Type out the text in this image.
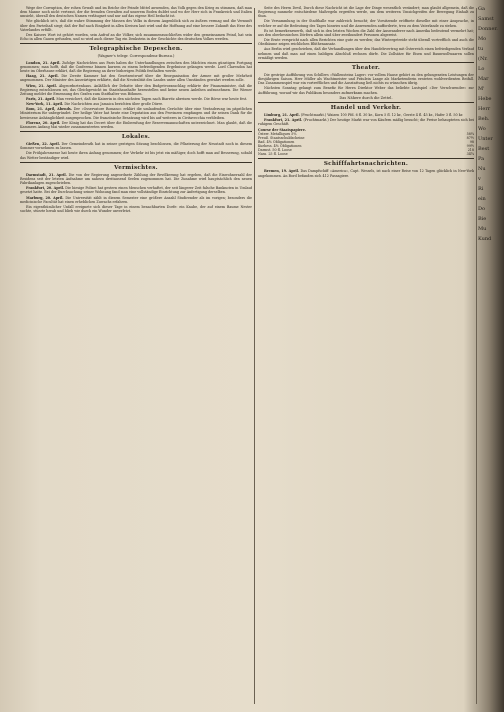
Wege der Corruption, der rohen Gewalt und im Reiche der Feinde Mittel anwenden, das Volk gegen den Krieg zu stimmen, daß man dem Manne noch nicht vertraut, der die fremden Gewalten auf unserem Boden duldet und wo der Herr sich in Frankreich und Italien umsieht, überall den deutschen Namen verläugnet und nur auf das eigene Heil bedacht ist.

Wie glücklich ist's, daß die wahre Stimmung der Massen des Volks in diesem Augenblick sich zu äußern vermag und die Vernunft über den Parteihaß siegt; daß der Ruf nach Einigkeit in allen Kreisen laut wird und die Hoffnung auf eine bessere Zukunft das Herz des Vaterlandes erfüllt.

Des Kaisers Wort ist gehört worden, sein Aufruf an die Völker, sich zusammenzuschließen wider den gemeinsamen Feind, hat sein Echo in allen Gauen gefunden, und so wird auch dieser Tag ein Denkstein in der Geschichte des deutschen Volkes werden.

Telegraphische Depeschen.
(Wagner's telegr. Correspondenz-Bureau.)

London, 21. April. Zufolge Nachrichten aus Paris haben die Unterhandlungen zwischen den Mächten einen günstigen Fortgang genommen; man hofft, daß die Conferenz binnen kurzem zu einem befriedigenden Ergebnisse gelangen werde. Lord Clarendon hat heute im Oberhause erklärt, daß die Regierung an ihrer bisherigen Politik festhalten werde.

Haag, 21. April. Die Zweite Kammer hat den Gesetzentwurf über die Reorganisation der Armee mit großer Mehrheit angenommen. Der Minister des Auswärtigen erklärte, daß die Neutralität des Landes unter allen Umständen gewahrt werden solle.

Wien, 21. April. Abgeordnetenhaus. Anläßlich der Debatte über den Budgetvoranschlag erklärte der Finanzminister, daß die Regierung entschlossen sei, das Gleichgewicht im Staatshaushalte herzustellen und keine neuen Anleihen aufzunehmen. Die Wiener Zeitung meldet die Ernennung des Grafen zum Statthalter von Böhmen.

Paris, 21. April. Man versichert, daß die Kaiserin in den nächsten Tagen nach Biarritz abreisen werde. Die Börse war heute fest.

New-York, 11. April. Die Nachrichten aus Jamaica berichten über große Dürre.

Rom, 21. April, Abends. Der »Osservatore Romano« erklärt die umlaufenden Gerüchte über eine Veränderung im päpstlichen Ministerium für unbegründet. Der heilige Vater hat heute eine Deputation aus den Provinzen empfangen und ihr seinen Dank für die bewiesene Anhänglichkeit ausgesprochen. Die französische Besatzung wird bis auf weiteres in Civitavecchia verbleiben.

Florenz, 20. April. Der König hat das Decret über die Einberufung der Reservemannschaften unterzeichnet. Man glaubt, daß die Kammern Anfang Mai wieder zusammentreten werden.

Lokales.

Gießen, 22. April. Der Gemeinderath hat in seiner gestrigen Sitzung beschlossen, die Pflasterung der Neustadt noch in diesem Sommer vornehmen zu lassen.

Die Frühjahrsmesse hat heute ihren Anfang genommen; der Verkehr ist bis jetzt ein mäßiger, doch hofft man auf Besserung, sobald das Wetter beständiger wird.

Vermischtes.

Darmstadt, 21. April. Die von der Regierung angeordnete Zählung der Bevölkerung hat ergeben, daß die Einwohnerzahl der Residenz seit der letzten Aufnahme um nahezu dreitausend Seelen zugenommen hat. Die Zunahme wird hauptsächlich den neuen Fabrikanlagen zugeschrieben.

Frankfurt, 20. April. Die hiesige Polizei hat gestern einen Menschen verhaftet, der seit längerer Zeit falsche Banknoten in Umlauf gesetzt hatte. Bei der Durchsuchung seiner Wohnung fand man eine vollständige Einrichtung zur Anfertigung derselben.

Marburg, 20. April. Die Universität zählt in diesem Semester eine größere Anzahl Studirender als im vorigen; besonders die medicinische Facultät hat einen erheblichen Zuwachs erfahren.

Ein eigenthümlicher Unfall ereignete sich dieser Tage in einem benachbarten Dorfe: ein Knabe, der auf einem Baume Nester suchte, stürzte herab und blieb wie durch ein Wunder unverletzt.

Seite des Herrn Devil, Durch diese Nachricht ist die Lage der Dinge wesentlich verändert; man glaubt allgemein, daß die Regierung nunmehr entschiedene Maßregeln ergreifen werde, um dem weiteren Umsichgreifen der Bewegung Einhalt zu thun.

Die Versammlung in der Stadthalle war zahlreich besucht; der Vorsitzende eröffnete dieselbe mit einer Ansprache, in welcher er auf die Bedeutung des Tages hinwies und die Anwesenden aufforderte, treu zu dem Vaterlande zu stehen.

Es ist bemerkenswerth, daß sich in den letzten Wochen die Zahl der Auswanderer nach Amerika bedeutend vermehrt hat; aus den oberhessischen Dörfern allein sind über zweihundert Personen abgereist.

Die Ernte verspricht nach allen Berichten eine gute zu werden; das Wintergetreide steht überall vortrefflich und auch die Obstbäume zeigen reichlichen Blüthenansatz.

Aus Berlin wird geschrieben, daß die Verhandlungen über den Handelsvertrag mit Österreich einen befriedigenden Verlauf nehmen und daß man auf einen baldigen Abschluß rechnen dürfe. Die Zollsätze für Eisen und Baumwollwaaren sollen ermäßigt werden.

Theater.

Die gestrige Aufführung von Schillers »Wallensteins Lager« vor vollem Hause gehört zu den gelungensten Leistungen der diesjährigen Saison. Herr Müller als Wachtmeister und Fräulein Lange als Marketenderin ernteten wohlverdienten Beifall. Das Zusammenspiel war ein vortreffliches und die Ausstattung ließ nichts zu wünschen übrig.

Nächsten Sonntag gelangt zum Benefiz für Herrn Direktor Weber das beliebte Lustspiel »Der Verschwender« zur Aufführung, worauf wir das Publikum besonders aufmerksam machen.

Das Nähere durch die Zettel.
Handel und Verkehr.

Limburg, 21. April. (Fruchtmarkt.) Waizen 100 Pfd. 6 fl. 30 kr., Korn 5 fl. 12 kr., Gerste 4 fl. 45 kr., Hafer 3 fl. 50 kr.

Frankfurt, 21. April. (Fruchtmarkt.) Der heutige Markt war von Käufern mäßig besucht; die Preise behaupteten sich bei ruhigem Geschäft.

Course der Staatspapiere.
Österr. Metalliques 5%	58¼
Preuß. Staatsschuldscheine	87½
Bad. 4% Obligationen	98
Kurhess. 4% Obligationen	99½
Darmst. 50 fl. Loose	218
Nass. 25 fl. Loose	34¾
Schifffahrtsnachrichten.

Bremen, 19. April. Das Dampfschiff »America«, Capt. Wessels, ist nach einer Reise von 12 Tagen glücklich in New-York angekommen. An Bord befanden sich 412 Passagiere.

Ga
Samst
Donner.
Mo
tu
(Nr.
Lo
Mar
M'
Hebe
Herr
Beh.
Wo
Unter
Best
Pa
Nu
v
Ri
ein
Do
Bie
Mu
Kund
